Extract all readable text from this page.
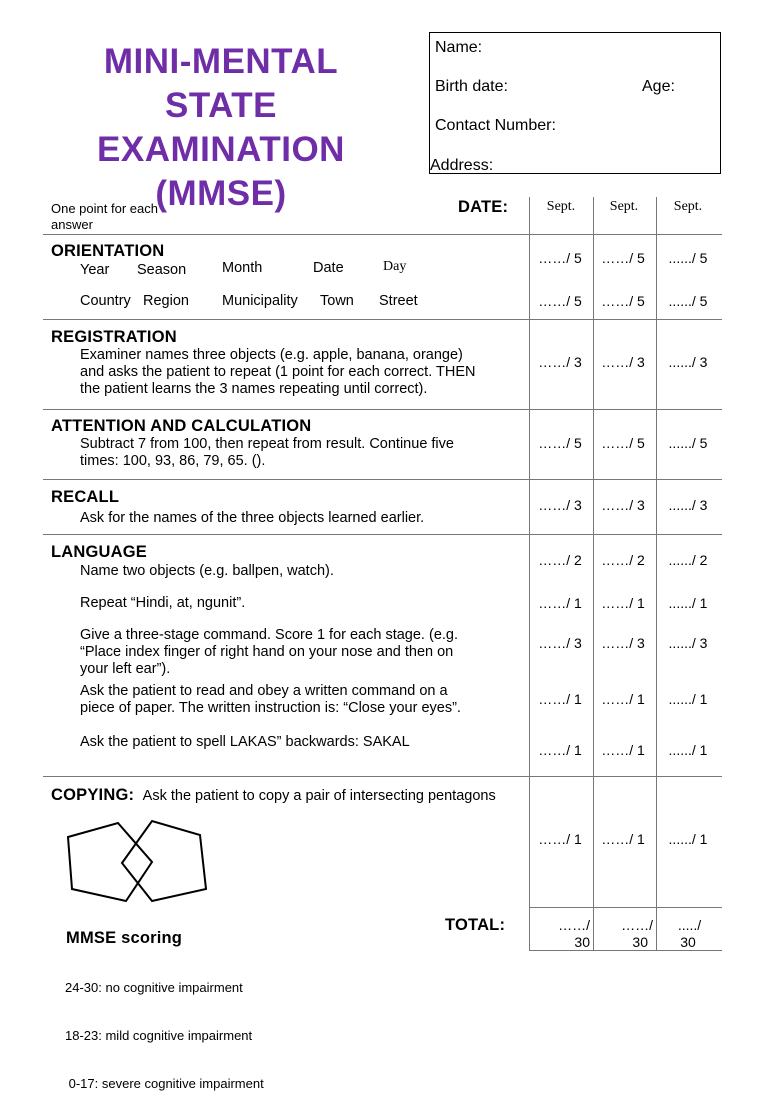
MINI-MENTAL
STATE
EXAMINATION
(MMSE)
Name:
Birth date:	Age:
Contact Number:
Address:
One point for each answer
DATE:	Sept.	Sept.	Sept.
ORIENTATION
Year Season Month	Date	Day
Country Region Municipality Town Street
……/ 5	……/ 5	....../ 5
……/ 5	……/ 5	....../ 5
REGISTRATION
Examiner names three objects (e.g. apple, banana, orange)
and asks the patient to repeat (1 point for each correct. THEN
the patient learns the 3 names repeating until correct).
……/ 3	……/ 3	....../ 3
ATTENTION AND CALCULATION
Subtract 7 from 100, then repeat from result. Continue five
times: 100, 93, 86, 79, 65. ().
……/ 5	……/ 5	....../ 5
RECALL
Ask for the names of the three objects learned earlier.
……/ 3	……/ 3	....../ 3
LANGUAGE
Name two objects (e.g. ballpen, watch).
……/ 2	……/ 2	....../ 2
Repeat “Hindi, at, ngunit”.	……/ 1	……/ 1	....../ 1
Give a three-stage command. Score 1 for each stage. (e.g.
“Place index finger of right hand on your nose and then on
your left ear”).
……/ 3	……/ 3	....../ 3
Ask the patient to read and obey a written command on a
piece of paper. The written instruction is: “Close your eyes”.
……/ 1	……/ 1	....../ 1
Ask the patient to spell LAKAS” backwards: SAKAL	……/ 1	……/ 1	....../ 1
COPYING: Ask the patient to copy a pair of intersecting pentagons
……/ 1	……/ 1	....../ 1
TOTAL:	……/	……/	...../
30	30	30
MMSE scoring

24-30: no cognitive impairment

18-23: mild cognitive impairment

0-17: severe cognitive impairment
